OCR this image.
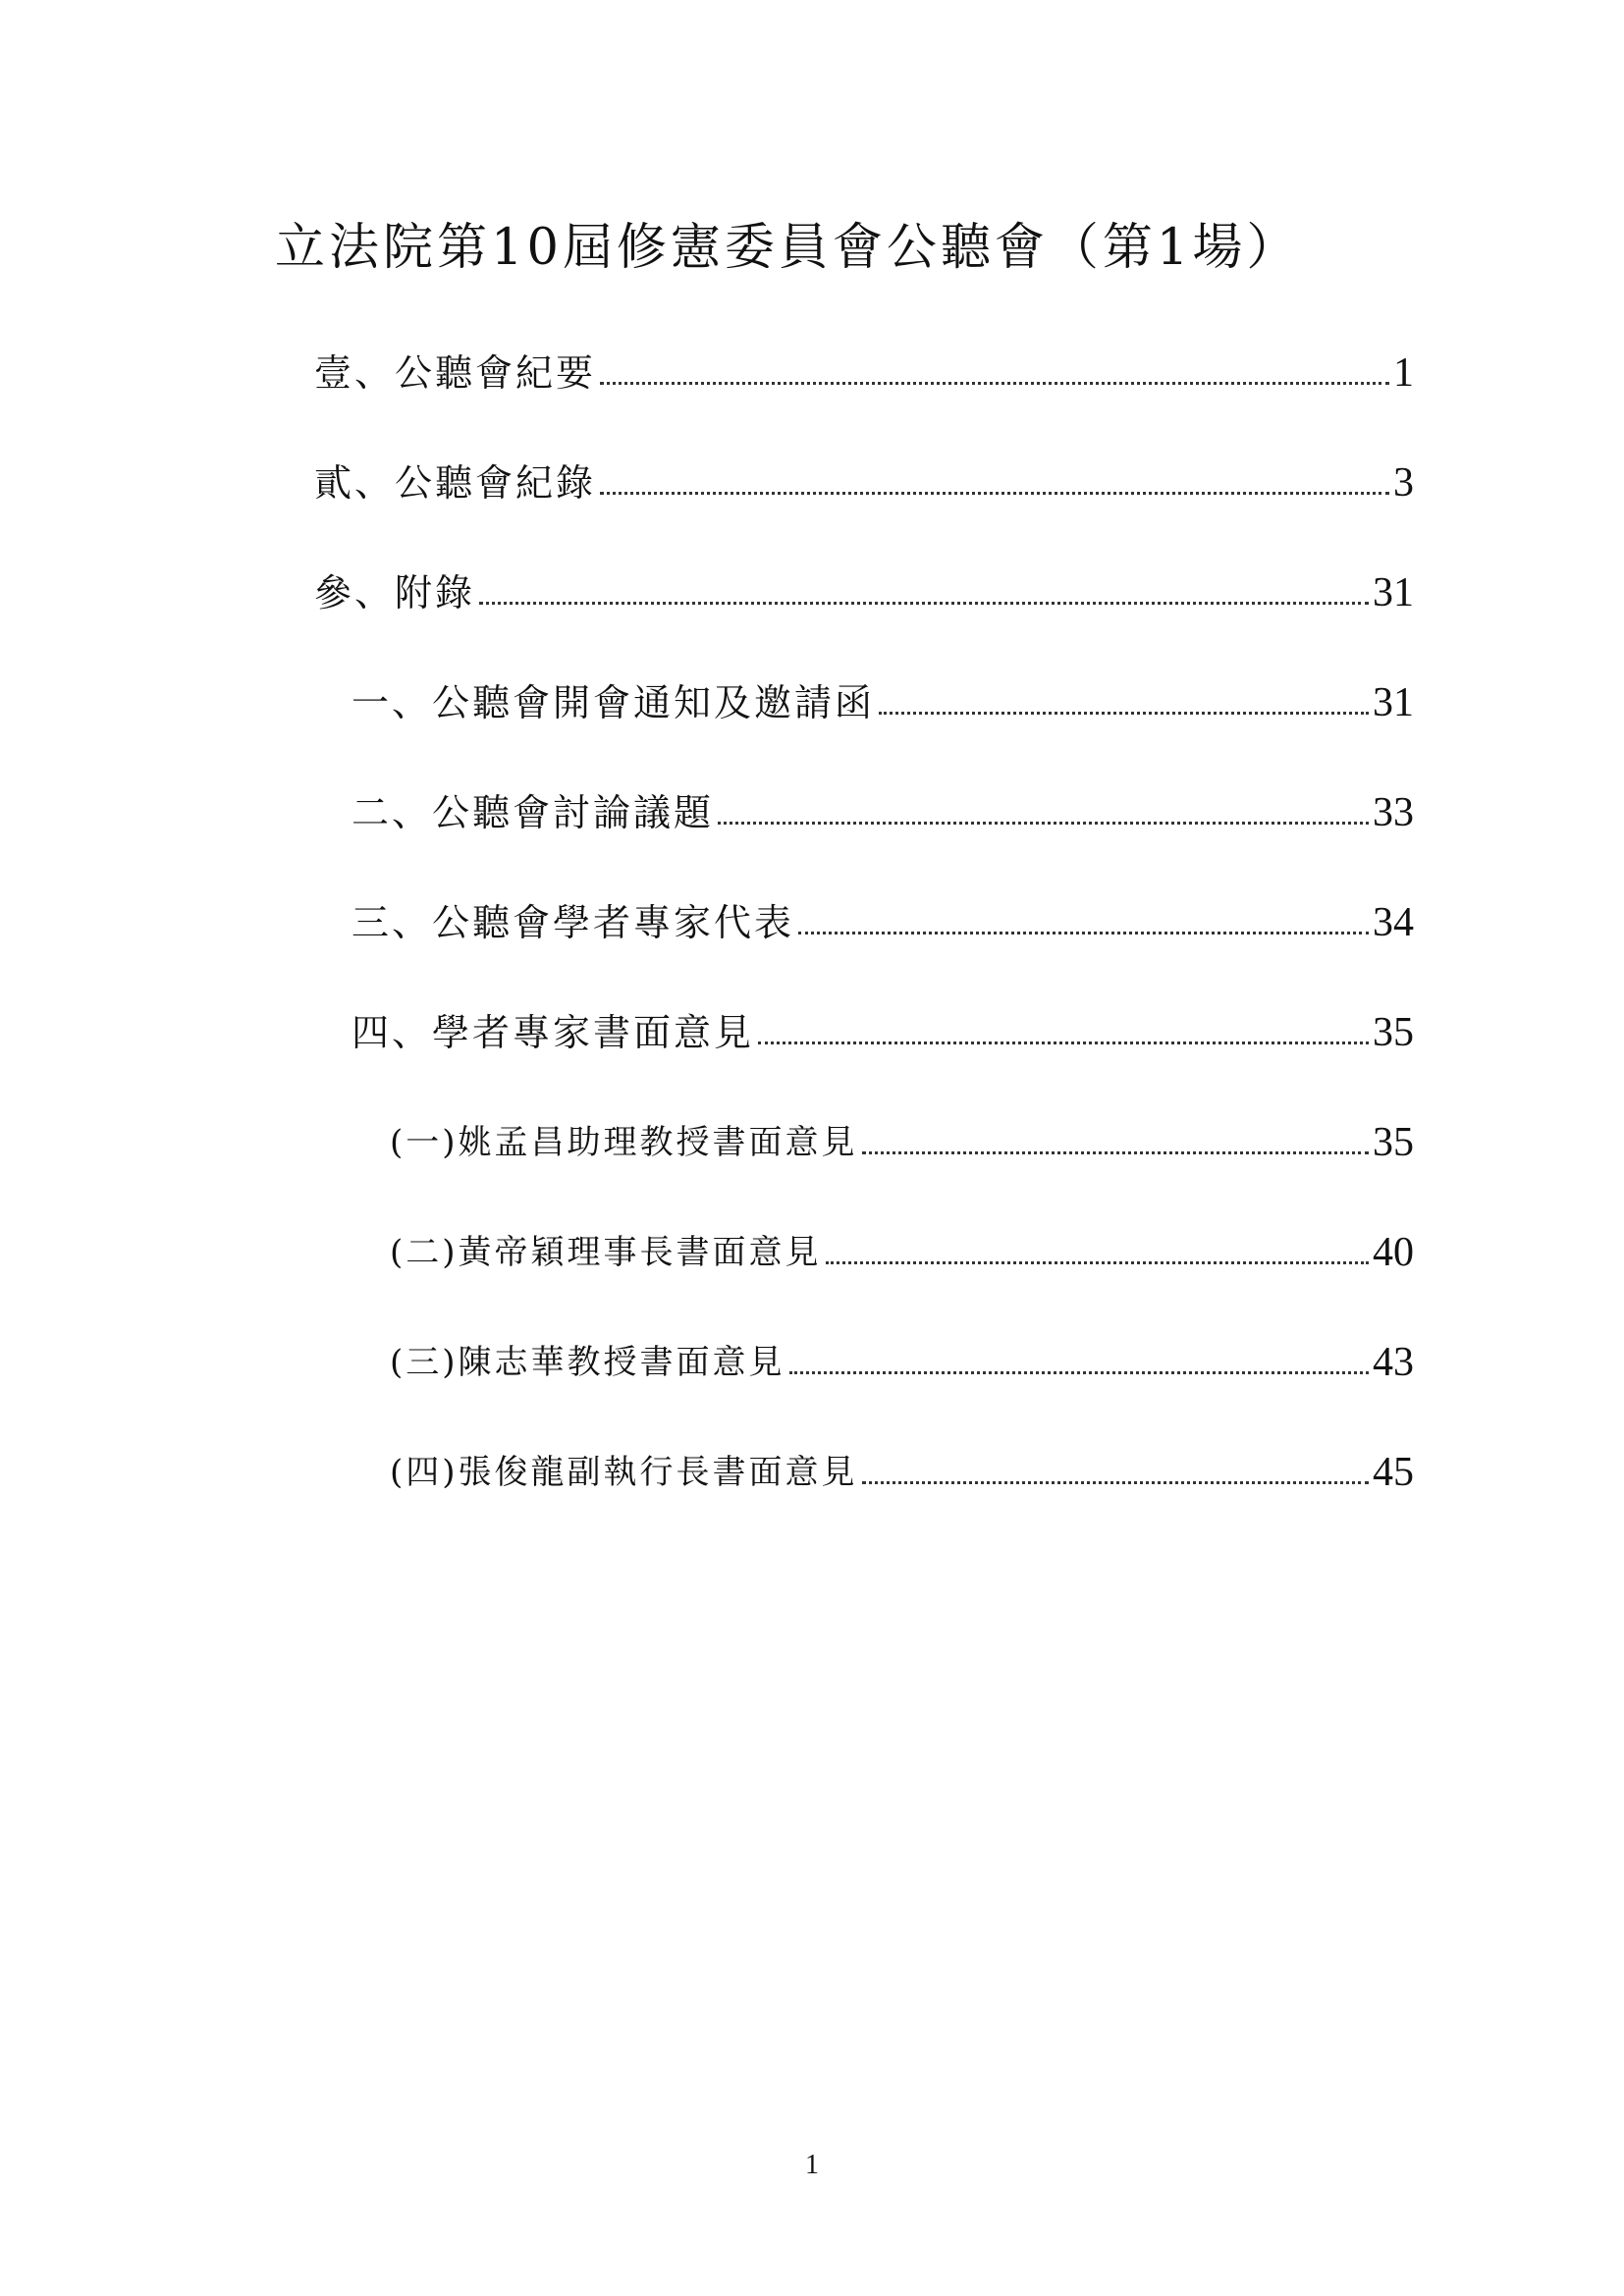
立法院第10屆修憲委員會公聽會（第1場）
壹、公聽會紀要	1
貳、公聽會紀錄	3
參、附錄	31
一、公聽會開會通知及邀請函	31
二、公聽會討論議題	33
三、公聽會學者專家代表	34
四、學者專家書面意見	35
(一)姚孟昌助理教授書面意見	35
(二)黃帝穎理事長書面意見	40
(三)陳志華教授書面意見	43
(四)張俊龍副執行長書面意見	45
1
